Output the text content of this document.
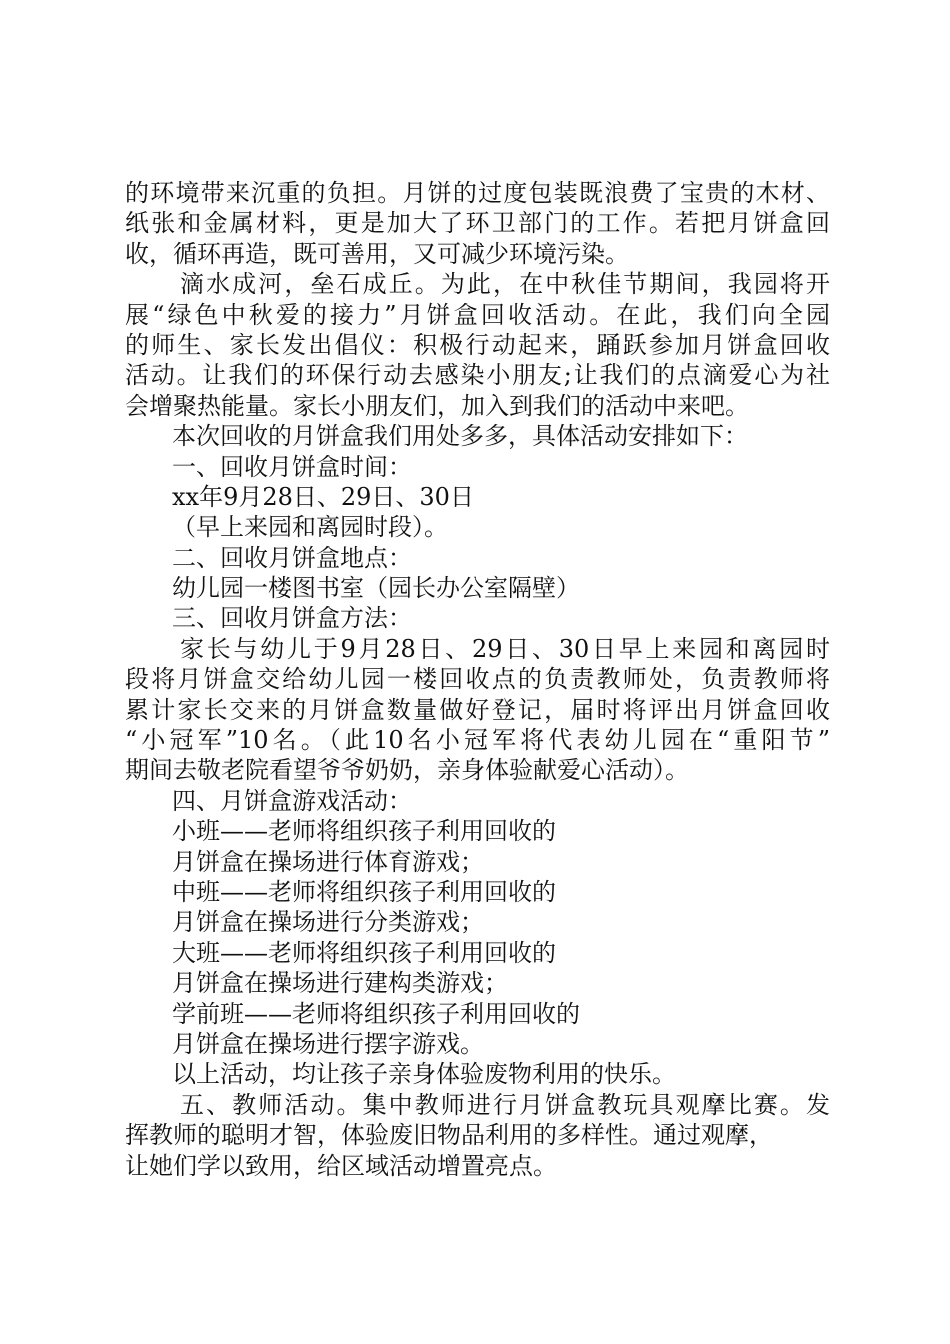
的环境带来沉重的负担。月饼的过度包装既浪费了宝贵的木材、
纸张和金属材料，更是加大了环卫部门的工作。若把月饼盒回
收，循环再造，既可善用，又可减少环境污染。
滴水成河，垒石成丘。为此，在中秋佳节期间，我园将开
展“绿色中秋爱的接力”月饼盒回收活动。在此，我们向全园
的师生、家长发出倡仪：积极行动起来，踊跃参加月饼盒回收
活动。让我们的环保行动去感染小朋友;让我们的点滴爱心为社
会增聚热能量。家长小朋友们，加入到我们的活动中来吧。
本次回收的月饼盒我们用处多多，具体活动安排如下：
一、回收月饼盒时间：
xx年9月28日、29日、30日
（早上来园和离园时段）。
二、回收月饼盒地点：
幼儿园一楼图书室（园长办公室隔壁）
三、回收月饼盒方法：
家长与幼儿于9月28日、29日、30日早上来园和离园时
段将月饼盒交给幼儿园一楼回收点的负责教师处，负责教师将
累计家长交来的月饼盒数量做好登记，届时将评出月饼盒回收
“小冠军”10名。（此10名小冠军将代表幼儿园在“重阳节”
期间去敬老院看望爷爷奶奶，亲身体验献爱心活动）。
四、月饼盒游戏活动：
小班——老师将组织孩子利用回收的
月饼盒在操场进行体育游戏；
中班——老师将组织孩子利用回收的
月饼盒在操场进行分类游戏；
大班——老师将组织孩子利用回收的
月饼盒在操场进行建构类游戏；
学前班——老师将组织孩子利用回收的
月饼盒在操场进行摆字游戏。
以上活动，均让孩子亲身体验废物利用的快乐。
五、教师活动。集中教师进行月饼盒教玩具观摩比赛。发
挥教师的聪明才智，体验废旧物品利用的多样性。通过观摩，
让她们学以致用，给区域活动增置亮点。
